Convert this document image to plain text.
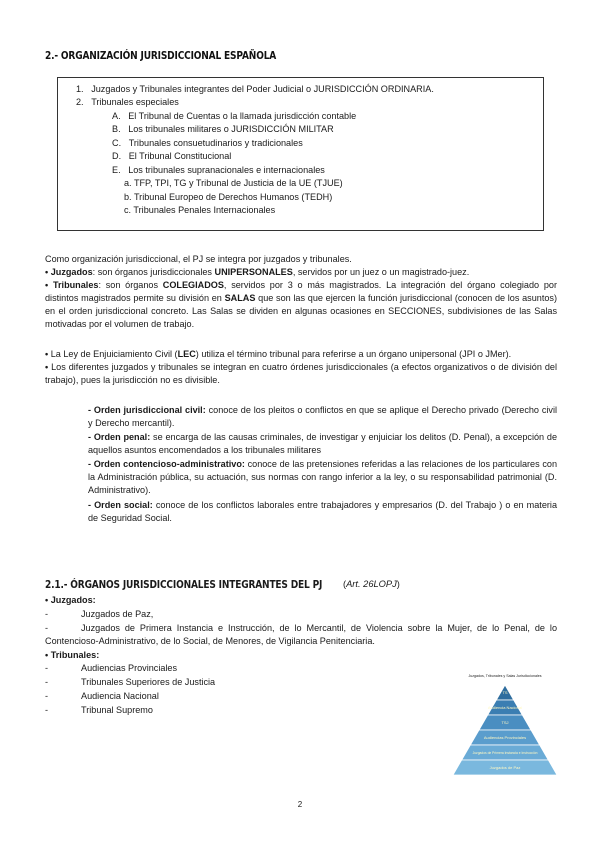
2.- ORGANIZACIÓN JURISDICCIONAL ESPAÑOLA
1. Juzgados y Tribunales integrantes del Poder Judicial o JURISDICCIÓN ORDINARIA.
2. Tribunales especiales
A. El Tribunal de Cuentas o la llamada jurisdicción contable
B. Los tribunales militares o JURISDICCIÓN MILITAR
C. Tribunales consuetudinarios y tradicionales
D. El Tribunal Constitucional
E. Los tribunales supranacionales e internacionales
a. TFP, TPI, TG y Tribunal de Justicia de la UE (TJUE)
b. Tribunal Europeo de Derechos Humanos (TEDH)
c. Tribunales Penales Internacionales
Como organización jurisdiccional, el PJ se integra por juzgados y tribunales.
• Juzgados: son órganos jurisdiccionales UNIPERSONALES, servidos por un juez o un magistrado-juez.
• Tribunales: son órganos COLEGIADOS, servidos por 3 o más magistrados. La integración del órgano colegiado por distintos magistrados permite su división en SALAS que son las que ejercen la función jurisdiccional (conocen de los asuntos) en el orden jurisdiccional concreto. Las Salas se dividen en algunas ocasiones en SECCIONES, subdivisiones de las Salas motivadas por el volumen de trabajo.
• La Ley de Enjuiciamiento Civil (LEC) utiliza el término tribunal para referirse a un órgano unipersonal (JPI o JMer).
• Los diferentes juzgados y tribunales se integran en cuatro órdenes jurisdiccionales (a efectos organizativos o de división del trabajo), pues la jurisdicción no es divisible.
- Orden jurisdiccional civil: conoce de los pleitos o conflictos en que se aplique el Derecho privado (Derecho civil y Derecho mercantil).
- Orden penal: se encarga de las causas criminales, de investigar y enjuiciar los delitos (D. Penal), a excepción de aquellos asuntos encomendados a los tribunales militares
- Orden contencioso-administrativo: conoce de las pretensiones referidas a las relaciones de los particulares con la Administración pública, su actuación, sus normas con rango inferior a la ley, o su responsabilidad patrimonial (D. Administrativo).
- Orden social: conoce de los conflictos laborales entre trabajadores y empresarios (D. del Trabajo ) o en materia de Seguridad Social.
2.1.- ÓRGANOS JURISDICCIONALES INTEGRANTES DEL PJ (Art. 26LOPJ)
• Juzgados:
-	Juzgados de Paz,
-	Juzgados de Primera Instancia e Instrucción, de lo Mercantil, de Violencia sobre la Mujer, de lo Penal, de lo Contencioso-Administrativo, de lo Social, de Menores, de Vigilancia Penitenciaria.
• Tribunales:
-	Audiencias Provinciales
-	Tribunales Superiores de Justicia
-	Audiencia Nacional
-	Tribunal Supremo
Juzgados, Tribunales y Salas Jurisdiccionales
TS
Audiencia Nacional
TSJ
Audiencias Provinciales
Juzgados de Primera Instancia e Instrucción
Juzgados de Paz
2
